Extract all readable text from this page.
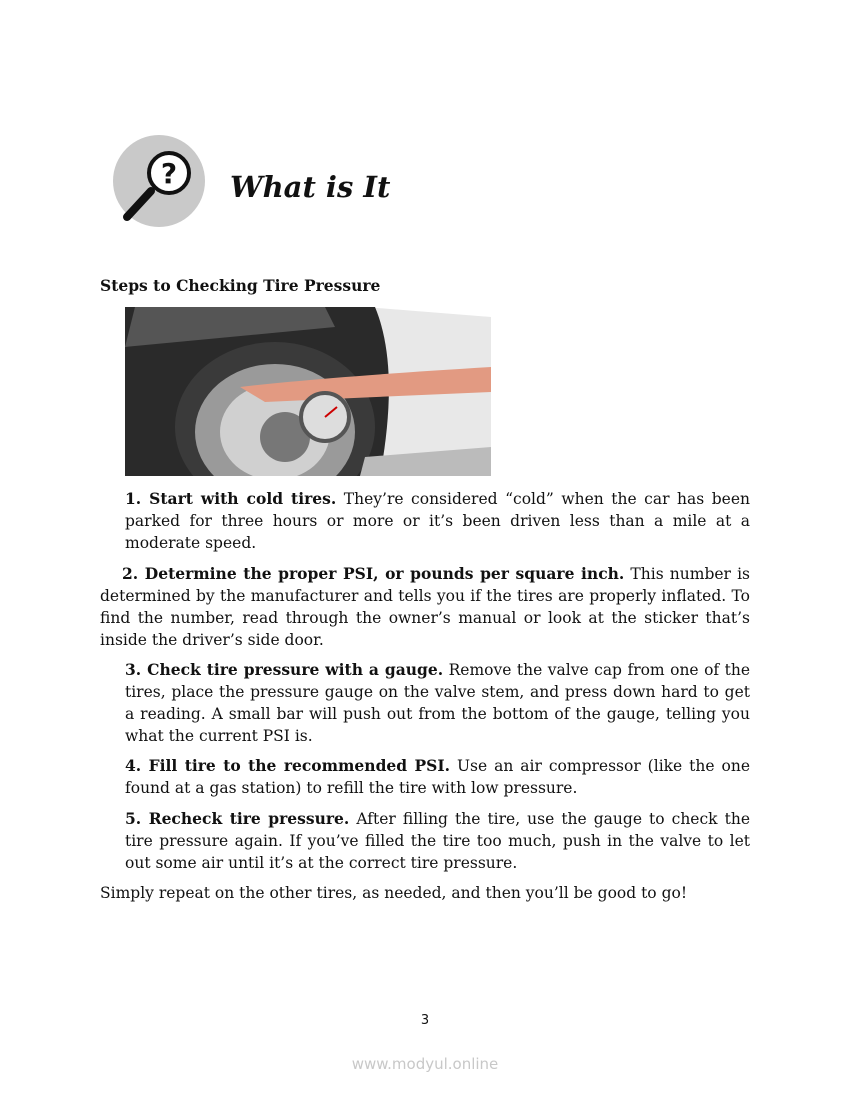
? What is It
Steps to Checking Tire Pressure

1. Start with cold tires. They’re considered “cold” when the car has been parked for three hours or more or it’s been driven less than a mile at a moderate speed.

2. Determine the proper PSI, or pounds per square inch. This number is determined by the manufacturer and tells you if the tires are properly inflated. To find the number, read through the owner’s manual or look at the sticker that’s inside the driver’s side door.

3. Check tire pressure with a gauge. Remove the valve cap from one of the tires, place the pressure gauge on the valve stem, and press down hard to get a reading. A small bar will push out from the bottom of the gauge, telling you what the current PSI is.

4. Fill tire to the recommended PSI. Use an air compressor (like the one found at a gas station) to refill the tire with low pressure.

5. Recheck tire pressure. After filling the tire, use the gauge to check the tire pressure again. If you’ve filled the tire too much, push in the valve to let out some air until it’s at the correct tire pressure.

Simply repeat on the other tires, as needed, and then you’ll be good to go!

3
www.modyul.online
